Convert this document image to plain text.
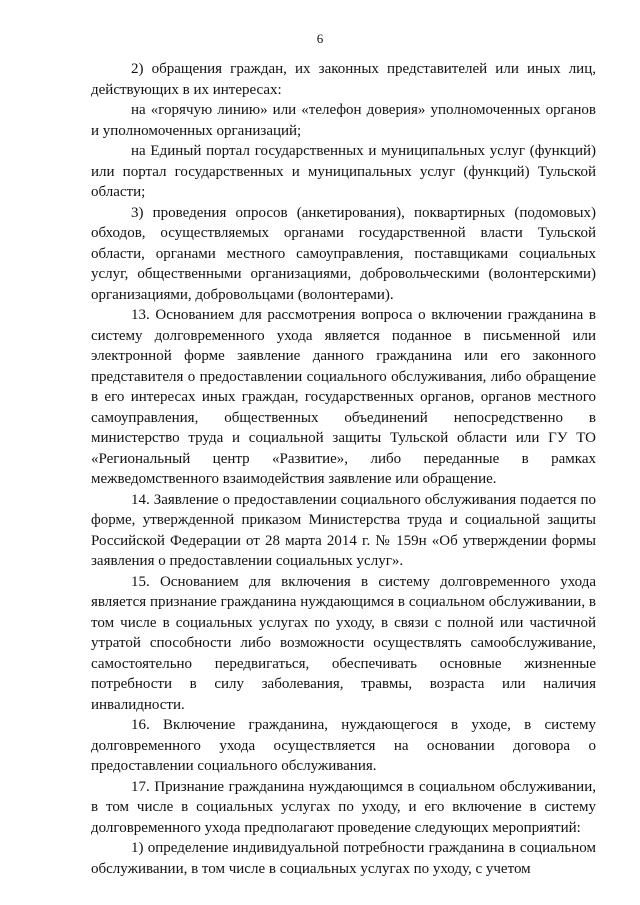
6

2) обращения граждан, их законных представителей или иных лиц, действующих в их интересах:

на «горячую линию» или «телефон доверия» уполномоченных органов и уполномоченных организаций;

на Единый портал государственных и муниципальных услуг (функций) или портал государственных и муниципальных услуг (функций) Тульской области;

3) проведения опросов (анкетирования), поквартирных (подомовых) обходов, осуществляемых органами государственной власти Тульской области, органами местного самоуправления, поставщиками социальных услуг, общественными организациями, добровольческими (волонтерскими) организациями, добровольцами (волонтерами).

13. Основанием для рассмотрения вопроса о включении гражданина в систему долговременного ухода является поданное в письменной или электронной форме заявление данного гражданина или его законного представителя о предоставлении социального обслуживания, либо обращение в его интересах иных граждан, государственных органов, органов местного самоуправления, общественных объединений непосредственно в министерство труда и социальной защиты Тульской области или ГУ ТО «Региональный центр «Развитие», либо переданные в рамках межведомственного взаимодействия заявление или обращение.

14. Заявление о предоставлении социального обслуживания подается по форме, утвержденной приказом Министерства труда и социальной защиты Российской Федерации от 28 марта 2014 г. № 159н «Об утверждении формы заявления о предоставлении социальных услуг».

15. Основанием для включения в систему долговременного ухода является признание гражданина нуждающимся в социальном обслуживании, в том числе в социальных услугах по уходу, в связи с полной или частичной утратой способности либо возможности осуществлять самообслуживание, самостоятельно передвигаться, обеспечивать основные жизненные потребности в силу заболевания, травмы, возраста или наличия инвалидности.

16. Включение гражданина, нуждающегося в уходе, в систему долговременного ухода осуществляется на основании договора о предоставлении социального обслуживания.

17. Признание гражданина нуждающимся в социальном обслуживании, в том числе в социальных услугах по уходу, и его включение в систему долговременного ухода предполагают проведение следующих мероприятий:

1) определение индивидуальной потребности гражданина в социальном обслуживании, в том числе в социальных услугах по уходу, с учетом
